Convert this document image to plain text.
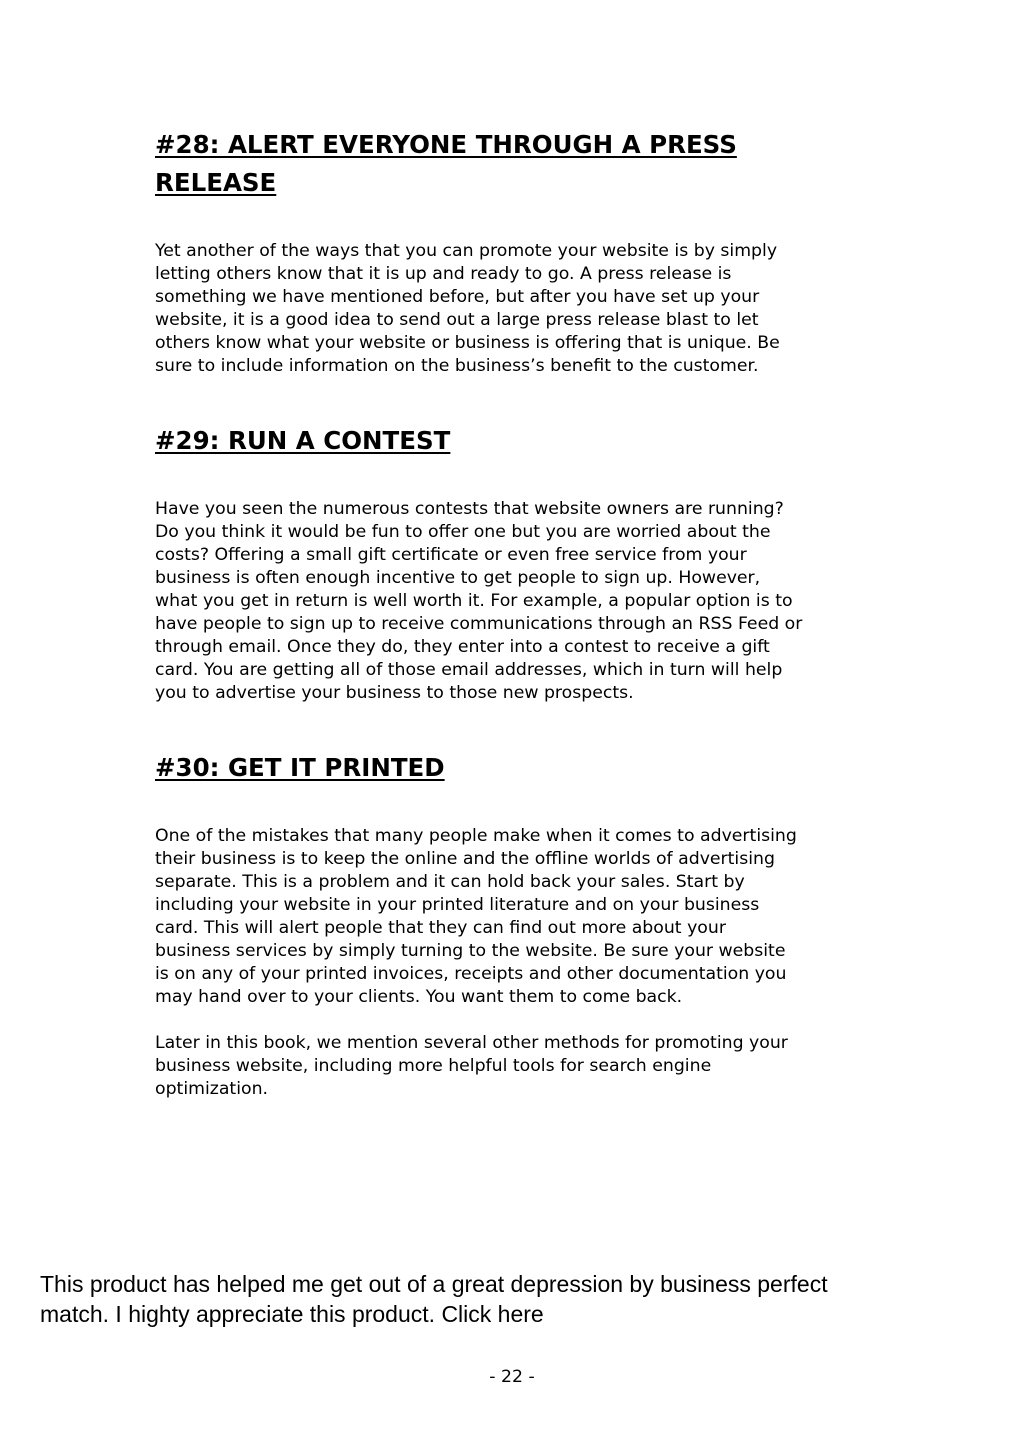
#28: ALERT EVERYONE THROUGH A PRESS
RELEASE

Yet another of the ways that you can promote your website is by simply
letting others know that it is up and ready to go. A press release is
something we have mentioned before, but after you have set up your
website, it is a good idea to send out a large press release blast to let
others know what your website or business is offering that is unique. Be
sure to include information on the business’s benefit to the customer.

#29: RUN A CONTEST

Have you seen the numerous contests that website owners are running?
Do you think it would be fun to offer one but you are worried about the
costs? Offering a small gift certificate or even free service from your
business is often enough incentive to get people to sign up. However,
what you get in return is well worth it. For example, a popular option is to
have people to sign up to receive communications through an RSS Feed or
through email. Once they do, they enter into a contest to receive a gift
card. You are getting all of those email addresses, which in turn will help
you to advertise your business to those new prospects.

#30: GET IT PRINTED

One of the mistakes that many people make when it comes to advertising
their business is to keep the online and the offline worlds of advertising
separate. This is a problem and it can hold back your sales. Start by
including your website in your printed literature and on your business
card. This will alert people that they can find out more about your
business services by simply turning to the website. Be sure your website
is on any of your printed invoices, receipts and other documentation you
may hand over to your clients. You want them to come back.

Later in this book, we mention several other methods for promoting your
business website, including more helpful tools for search engine
optimization.

This product has helped me get out of a great depression by business perfect
match. I highty appreciate this product. Click here
- 22 -
